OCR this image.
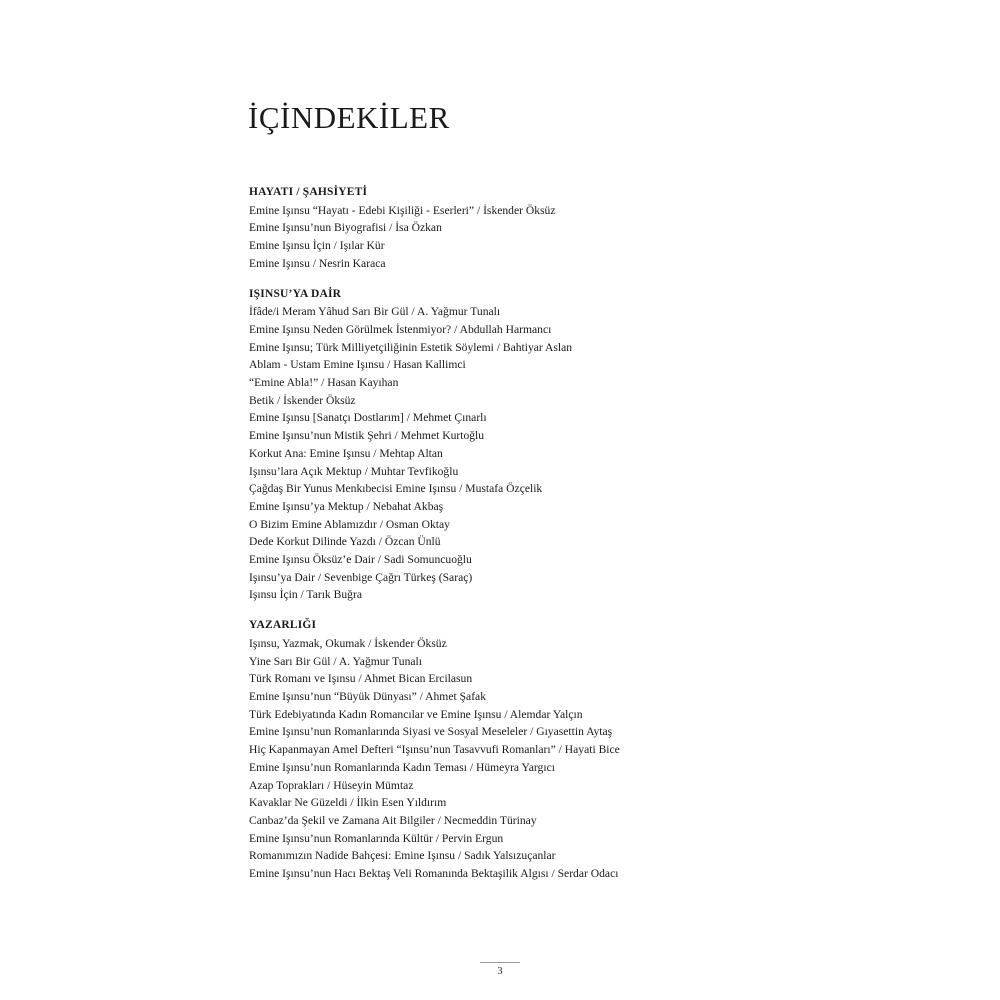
İÇİNDEKİLER
HAYATI / ŞAHSİYETİ
Emine Işınsu “Hayatı - Edebi Kişiliği - Eserleri” / İskender Öksüz
Emine Işınsu’nun Biyografisi / İsa Özkan
Emine Işınsu İçin / Işılar Kür
Emine Işınsu / Nesrin Karaca
IŞINSU’YA DAİR
İfâde/i Meram Yâhud Sarı Bir Gül / A. Yağmur Tunalı
Emine Işınsu Neden Görülmek İstenmiyor? / Abdullah Harmancı
Emine Işınsu; Türk Milliyetçiliğinin Estetik Söylemi / Bahtiyar Aslan
Ablam - Ustam Emine Işınsu / Hasan Kallimci
“Emine Abla!” / Hasan Kayıhan
Betik / İskender Öksüz
Emine Işınsu [Sanatçı Dostlarım] / Mehmet Çınarlı
Emine Işınsu’nun Mistik Şehri / Mehmet Kurtoğlu
Korkut Ana: Emine Işınsu / Mehtap Altan
Işınsu’lara Açık Mektup / Muhtar Tevfikoğlu
Çağdaş Bir Yunus Menkıbecisi Emine Işınsu / Mustafa Özçelik
Emine Işınsu’ya Mektup / Nebahat Akbaş
O Bizim Emine Ablamızdır / Osman Oktay
Dede Korkut Dilinde Yazdı / Özcan Ünlü
Emine Işınsu Öksüz’e Dair / Sadi Somuncuoğlu
Işınsu’ya Dair / Sevenbige Çağrı Türkeş (Saraç)
Işınsu İçin / Tarık Buğra
YAZARLIĞI
Işınsu, Yazmak, Okumak / İskender Öksüz
Yine Sarı Bir Gül / A. Yağmur Tunalı
Türk Romanı ve Işınsu / Ahmet Bican Ercilasun
Emine Işınsu’nun “Büyük Dünyası” / Ahmet Şafak
Türk Edebiyatında Kadın Romancılar ve Emine Işınsu / Alemdar Yalçın
Emine Işınsu’nun Romanlarında Siyasi ve Sosyal Meseleler / Gıyasettin Aytaş
Hiç Kapanmayan Amel Defteri “Işınsu’nun Tasavvufi Romanları” / Hayati Bice
Emine Işınsu’nun Romanlarında Kadın Teması / Hümeyra Yargıcı
Azap Toprakları / Hüseyin Mümtaz
Kavaklar Ne Güzeldi / İlkin Esen Yıldırım
Canbaz’da Şekil ve Zamana Ait Bilgiler / Necmeddin Türinay
Emine Işınsu’nun Romanlarında Kültür / Pervin Ergun
Romanımızın Nadide Bahçesi: Emine Işınsu / Sadık Yalsızuçanlar
Emine Işınsu’nun Hacı Bektaş Veli Romanında Bektaşilik Algısı / Serdar Odacı
3
